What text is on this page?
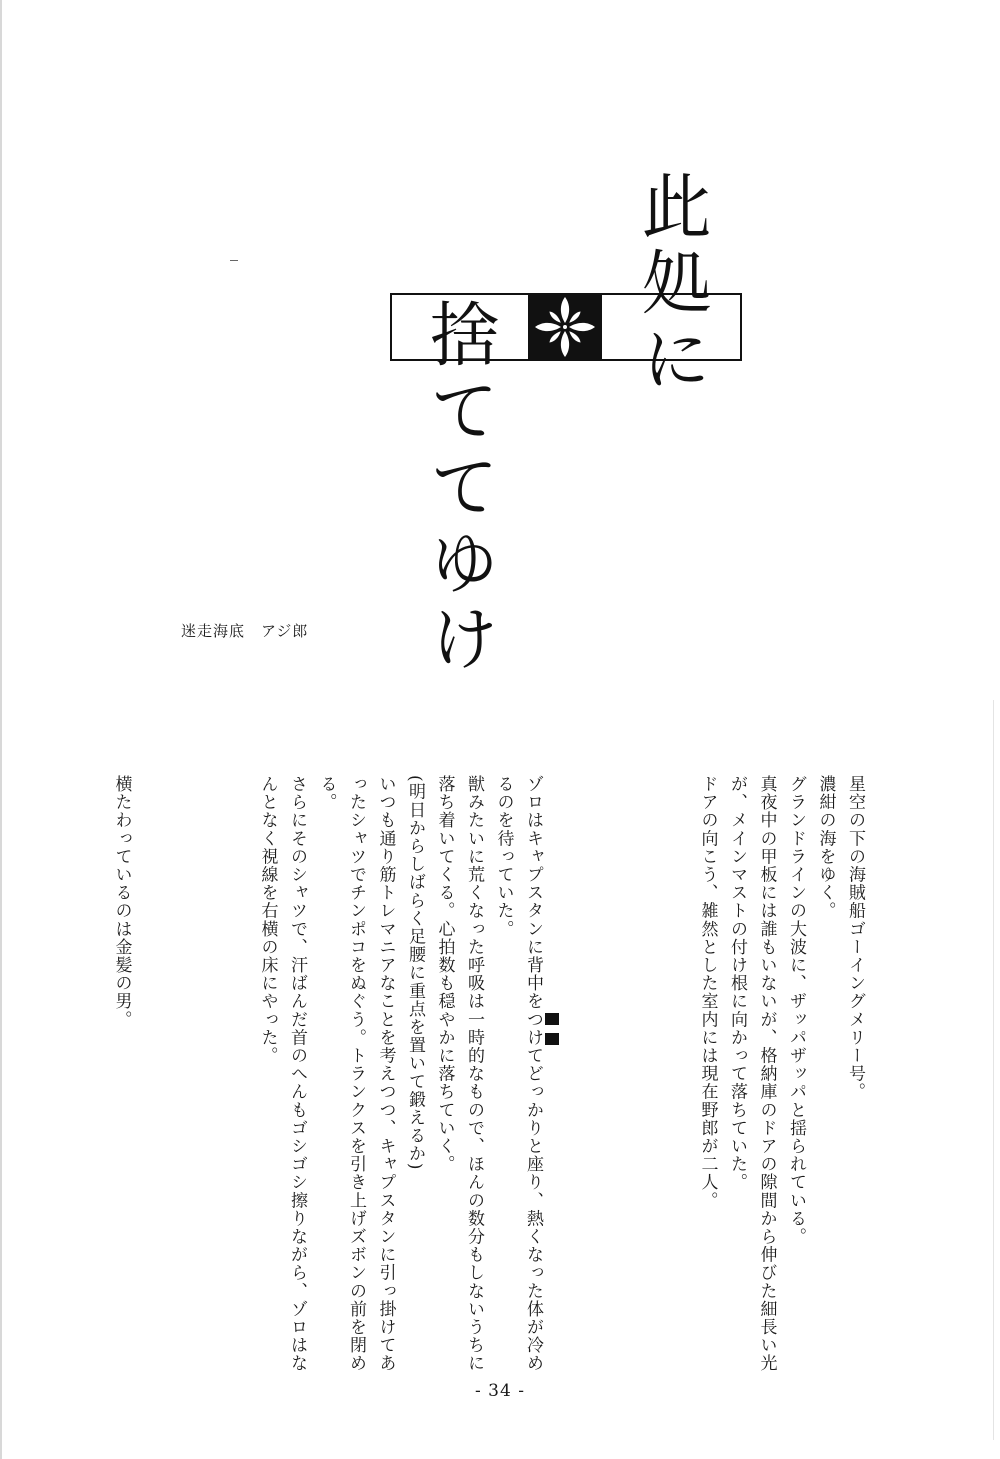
此処に
捨ててゆけ
迷走海底　アジ郎

星空の下の海賊船ゴーイングメリー号。

濃紺の海をゆく。

グランドラインの大波に、ザッパザッパと揺られている。

真夜中の甲板には誰もいないが、格納庫のドアの隙間から伸びた細長い光が、メインマストの付け根に向かって落ちていた。

ドアの向こう、雑然とした室内には現在野郎が二人。

ゾロはキャプスタンに背中をつけてどっかりと座り、熱くなった体が冷めるのを待っていた。

獣みたいに荒くなった呼吸は一時的なもので、ほんの数分もしないうちに落ち着いてくる。心拍数も穏やかに落ちていく。

(明日からしばらく足腰に重点を置いて鍛えるか)

いつも通り筋トレマニアなことを考えつつ、キャプスタンに引っ掛けてあったシャツでチンポコをぬぐう。トランクスを引き上げズボンの前を閉める。

さらにそのシャツで、汗ばんだ首のへんもゴシゴシ擦りながら、ゾロはなんとなく視線を右横の床にやった。

横たわっているのは金髪の男。

- 34 -
